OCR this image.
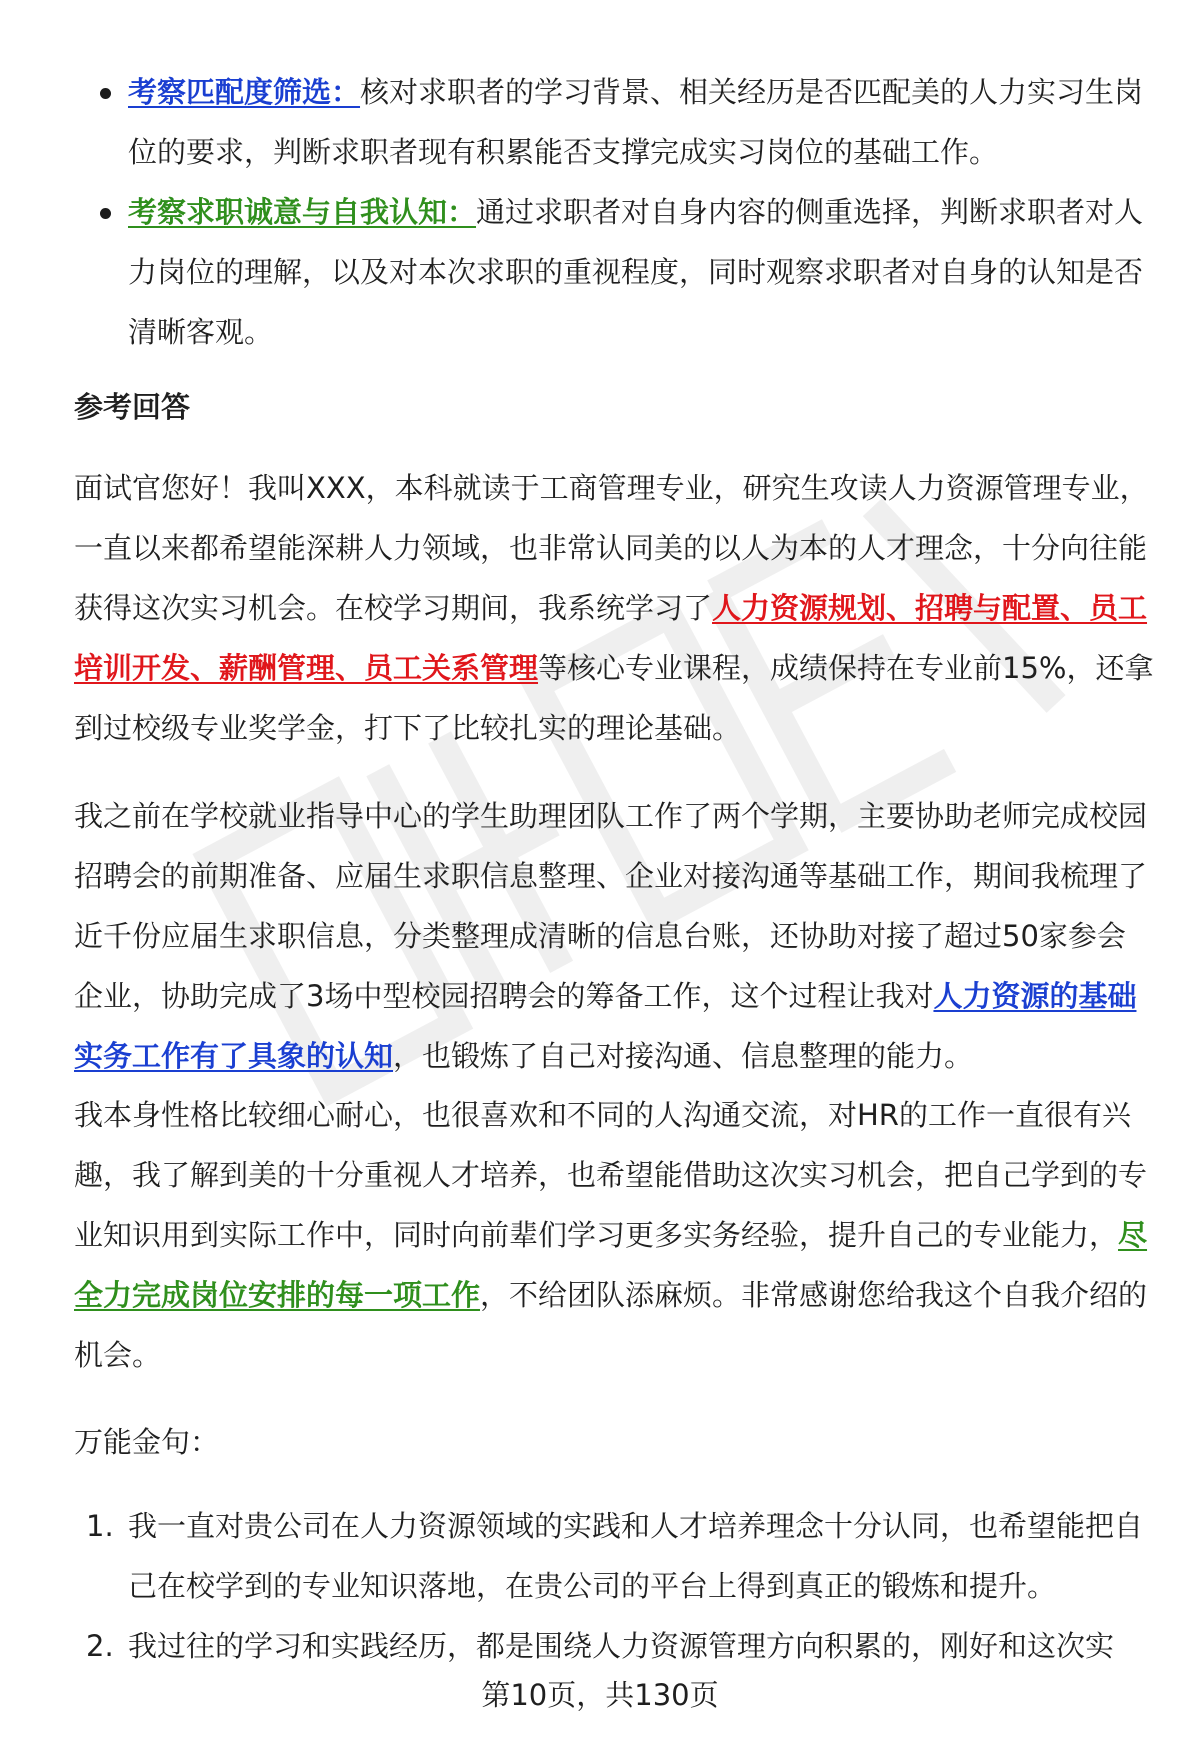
考察匹配度筛选：核对求职者的学习背景、相关经历是否匹配美的人力实习生岗位的要求，判断求职者现有积累能否支撑完成实习岗位的基础工作。
考察求职诚意与自我认知：通过求职者对自身内容的侧重选择，判断求职者对人力岗位的理解，以及对本次求职的重视程度，同时观察求职者对自身的认知是否清晰客观。
参考回答
面试官您好！我叫XXX，本科就读于工商管理专业，研究生攻读人力资源管理专业，一直以来都希望能深耕人力领域，也非常认同美的以人为本的人才理念，十分向往能获得这次实习机会。在校学习期间，我系统学习了人力资源规划、招聘与配置、员工培训开发、薪酬管理、员工关系管理等核心专业课程，成绩保持在专业前15%，还拿到过校级专业奖学金，打下了比较扎实的理论基础。
我之前在学校就业指导中心的学生助理团队工作了两个学期，主要协助老师完成校园招聘会的前期准备、应届生求职信息整理、企业对接沟通等基础工作，期间我梳理了近千份应届生求职信息，分类整理成清晰的信息台账，还协助对接了超过50家参会企业，协助完成了3场中型校园招聘会的筹备工作，这个过程让我对人力资源的基础实务工作有了具象的认知，也锻炼了自己对接沟通、信息整理的能力。
我本身性格比较细心耐心，也很喜欢和不同的人沟通交流，对HR的工作一直很有兴趣，我了解到美的十分重视人才培养，也希望能借助这次实习机会，把自己学到的专业知识用到实际工作中，同时向前辈们学习更多实务经验，提升自己的专业能力，尽全力完成岗位安排的每一项工作，不给团队添麻烦。非常感谢您给我这个自我介绍的机会。
万能金句：
1. 我一直对贵公司在人力资源领域的实践和人才培养理念十分认同，也希望能把自己在校学到的专业知识落地，在贵公司的平台上得到真正的锻炼和提升。
2. 我过往的学习和实践经历，都是围绕人力资源管理方向积累的，刚好和这次实
第10页，共130页
